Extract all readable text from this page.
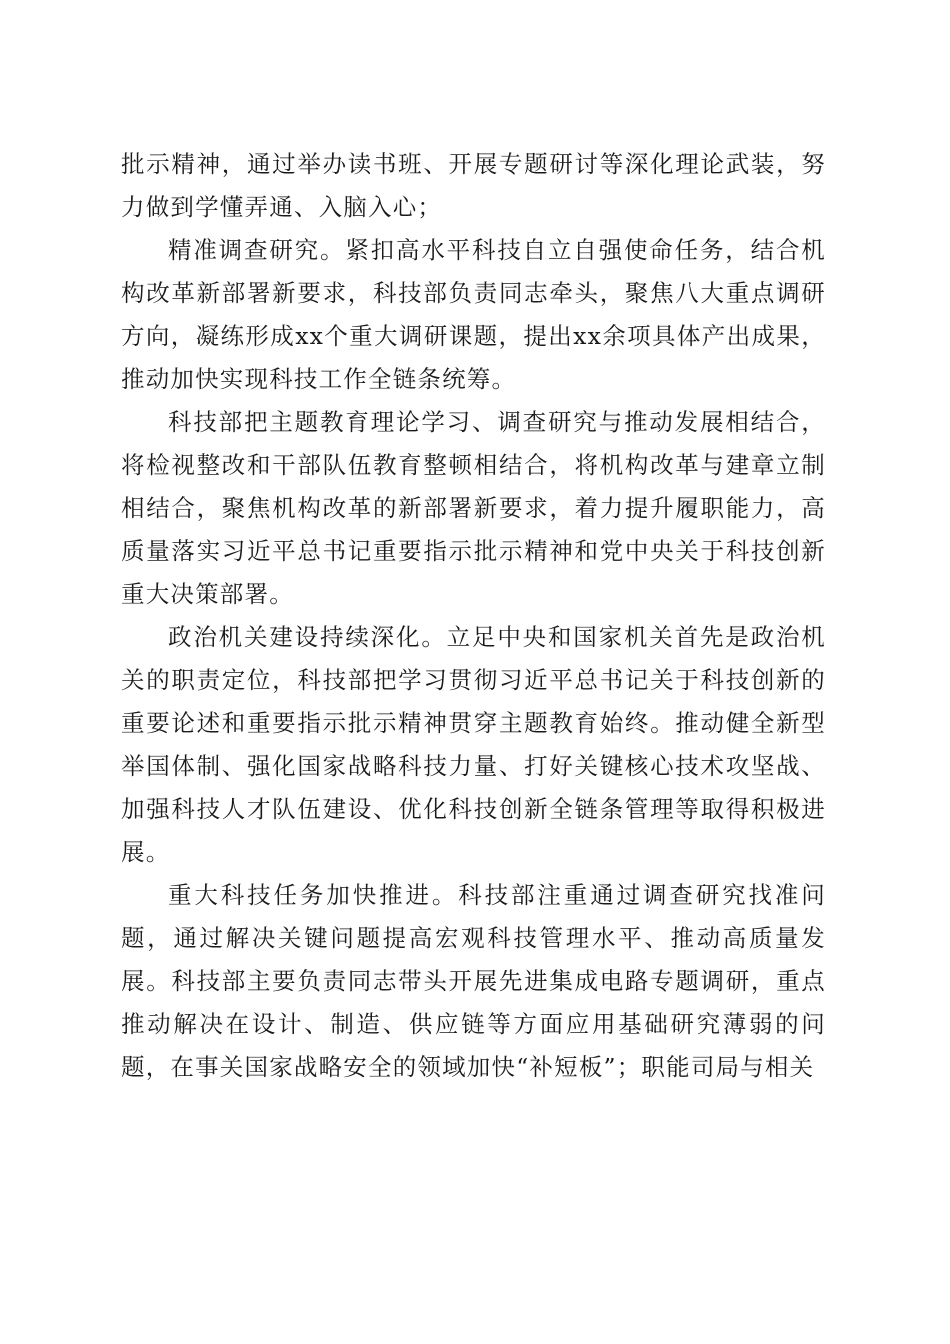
批示精神，通过举办读书班、开展专题研讨等深化理论武装，努力做到学懂弄通、入脑入心；

精准调查研究。紧扣高水平科技自立自强使命任务，结合机构改革新部署新要求，科技部负责同志牵头，聚焦八大重点调研方向，凝练形成xx个重大调研课题，提出xx余项具体产出成果，推动加快实现科技工作全链条统筹。

科技部把主题教育理论学习、调查研究与推动发展相结合，将检视整改和干部队伍教育整顿相结合，将机构改革与建章立制相结合，聚焦机构改革的新部署新要求，着力提升履职能力，高质量落实习近平总书记重要指示批示精神和党中央关于科技创新重大决策部署。

政治机关建设持续深化。立足中央和国家机关首先是政治机关的职责定位，科技部把学习贯彻习近平总书记关于科技创新的重要论述和重要指示批示精神贯穿主题教育始终。推动健全新型举国体制、强化国家战略科技力量、打好关键核心技术攻坚战、加强科技人才队伍建设、优化科技创新全链条管理等取得积极进展。

重大科技任务加快推进。科技部注重通过调查研究找准问题，通过解决关键问题提高宏观科技管理水平、推动高质量发展。科技部主要负责同志带头开展先进集成电路专题调研，重点推动解决在设计、制造、供应链等方面应用基础研究薄弱的问题，在事关国家战略安全的领域加快“补短板”；职能司局与相关
